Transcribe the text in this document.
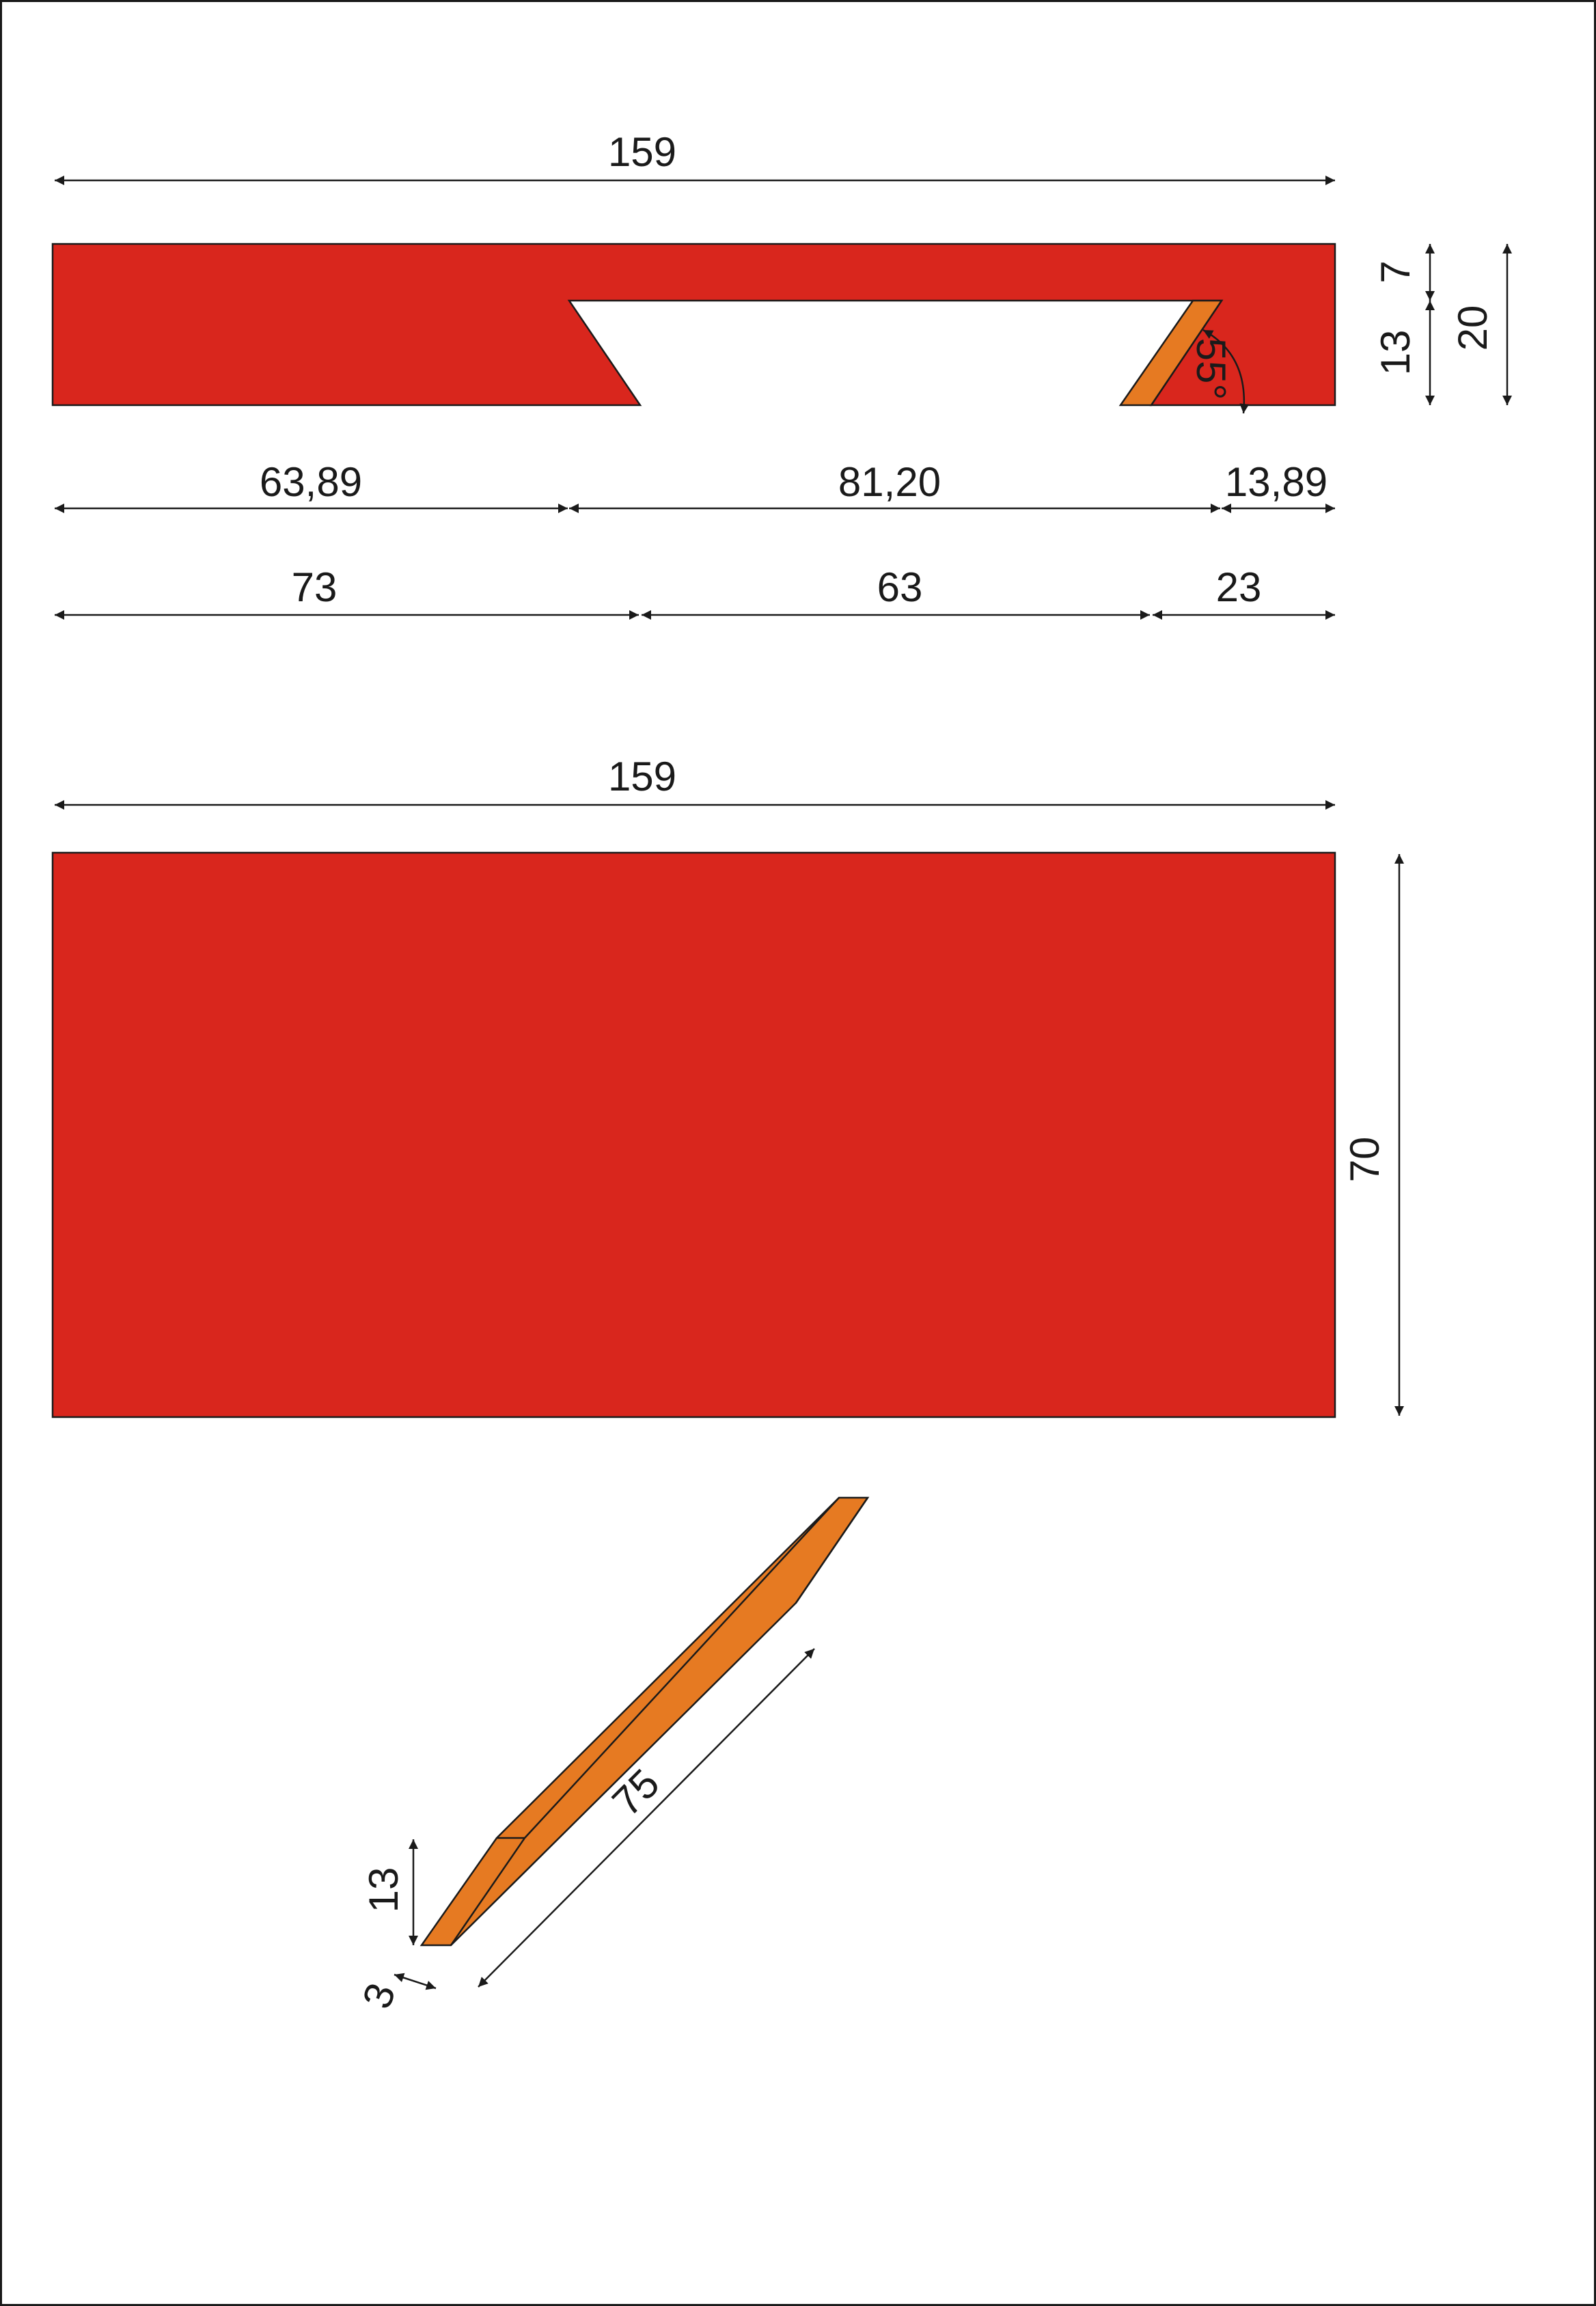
159
55°
7
13
20
63,89	81,20	13,89
73	63	23
159
70
75
13
3
